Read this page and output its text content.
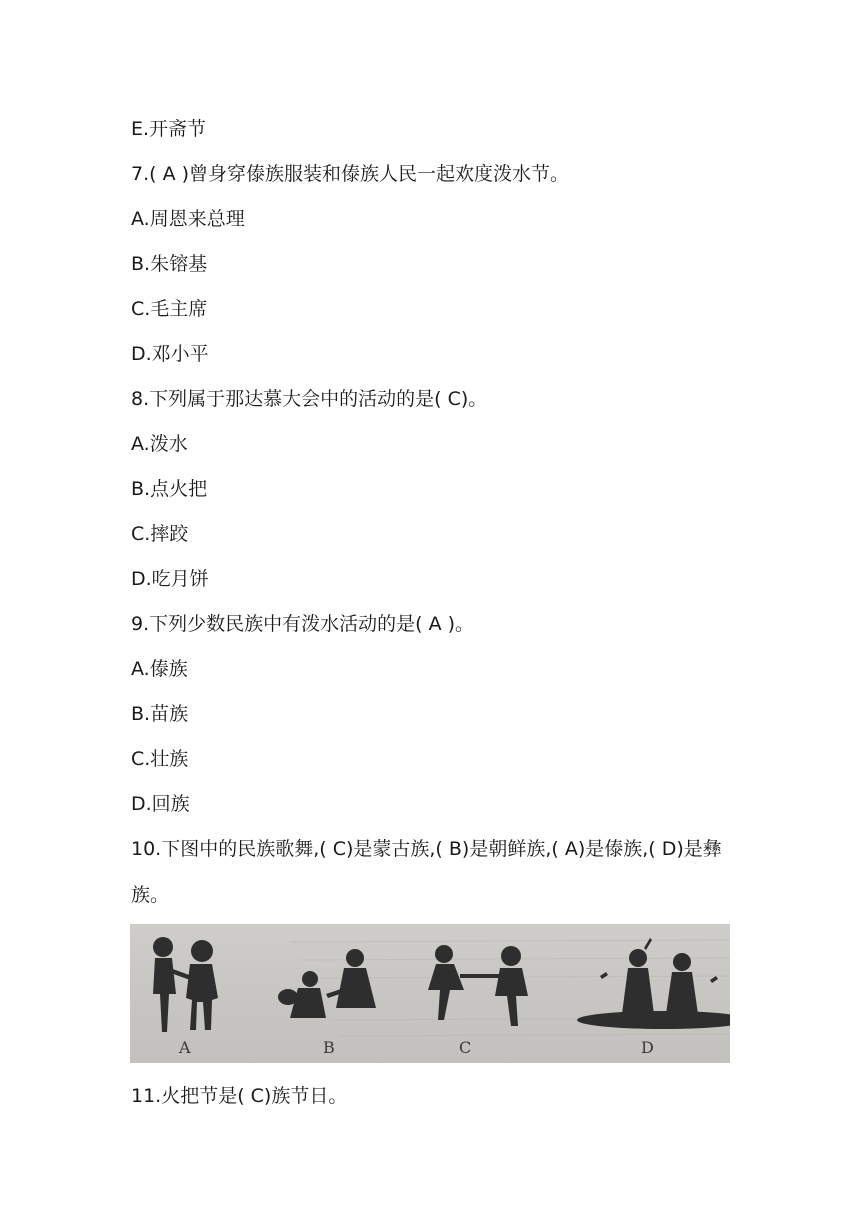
E.开斋节
7.( A )曾身穿傣族服装和傣族人民一起欢度泼水节。
A.周恩来总理
B.朱镕基
C.毛主席
D.邓小平
8.下列属于那达慕大会中的活动的是( C)。
A.泼水
B.点火把
C.摔跤
D.吃月饼
9.下列少数民族中有泼水活动的是( A )。
A.傣族
B.苗族
C.壮族
D.回族
10.下图中的民族歌舞,( C)是蒙古族,( B)是朝鲜族,( A)是傣族,( D)是彝族。
A	B	C	D
11.火把节是( C)族节日。
